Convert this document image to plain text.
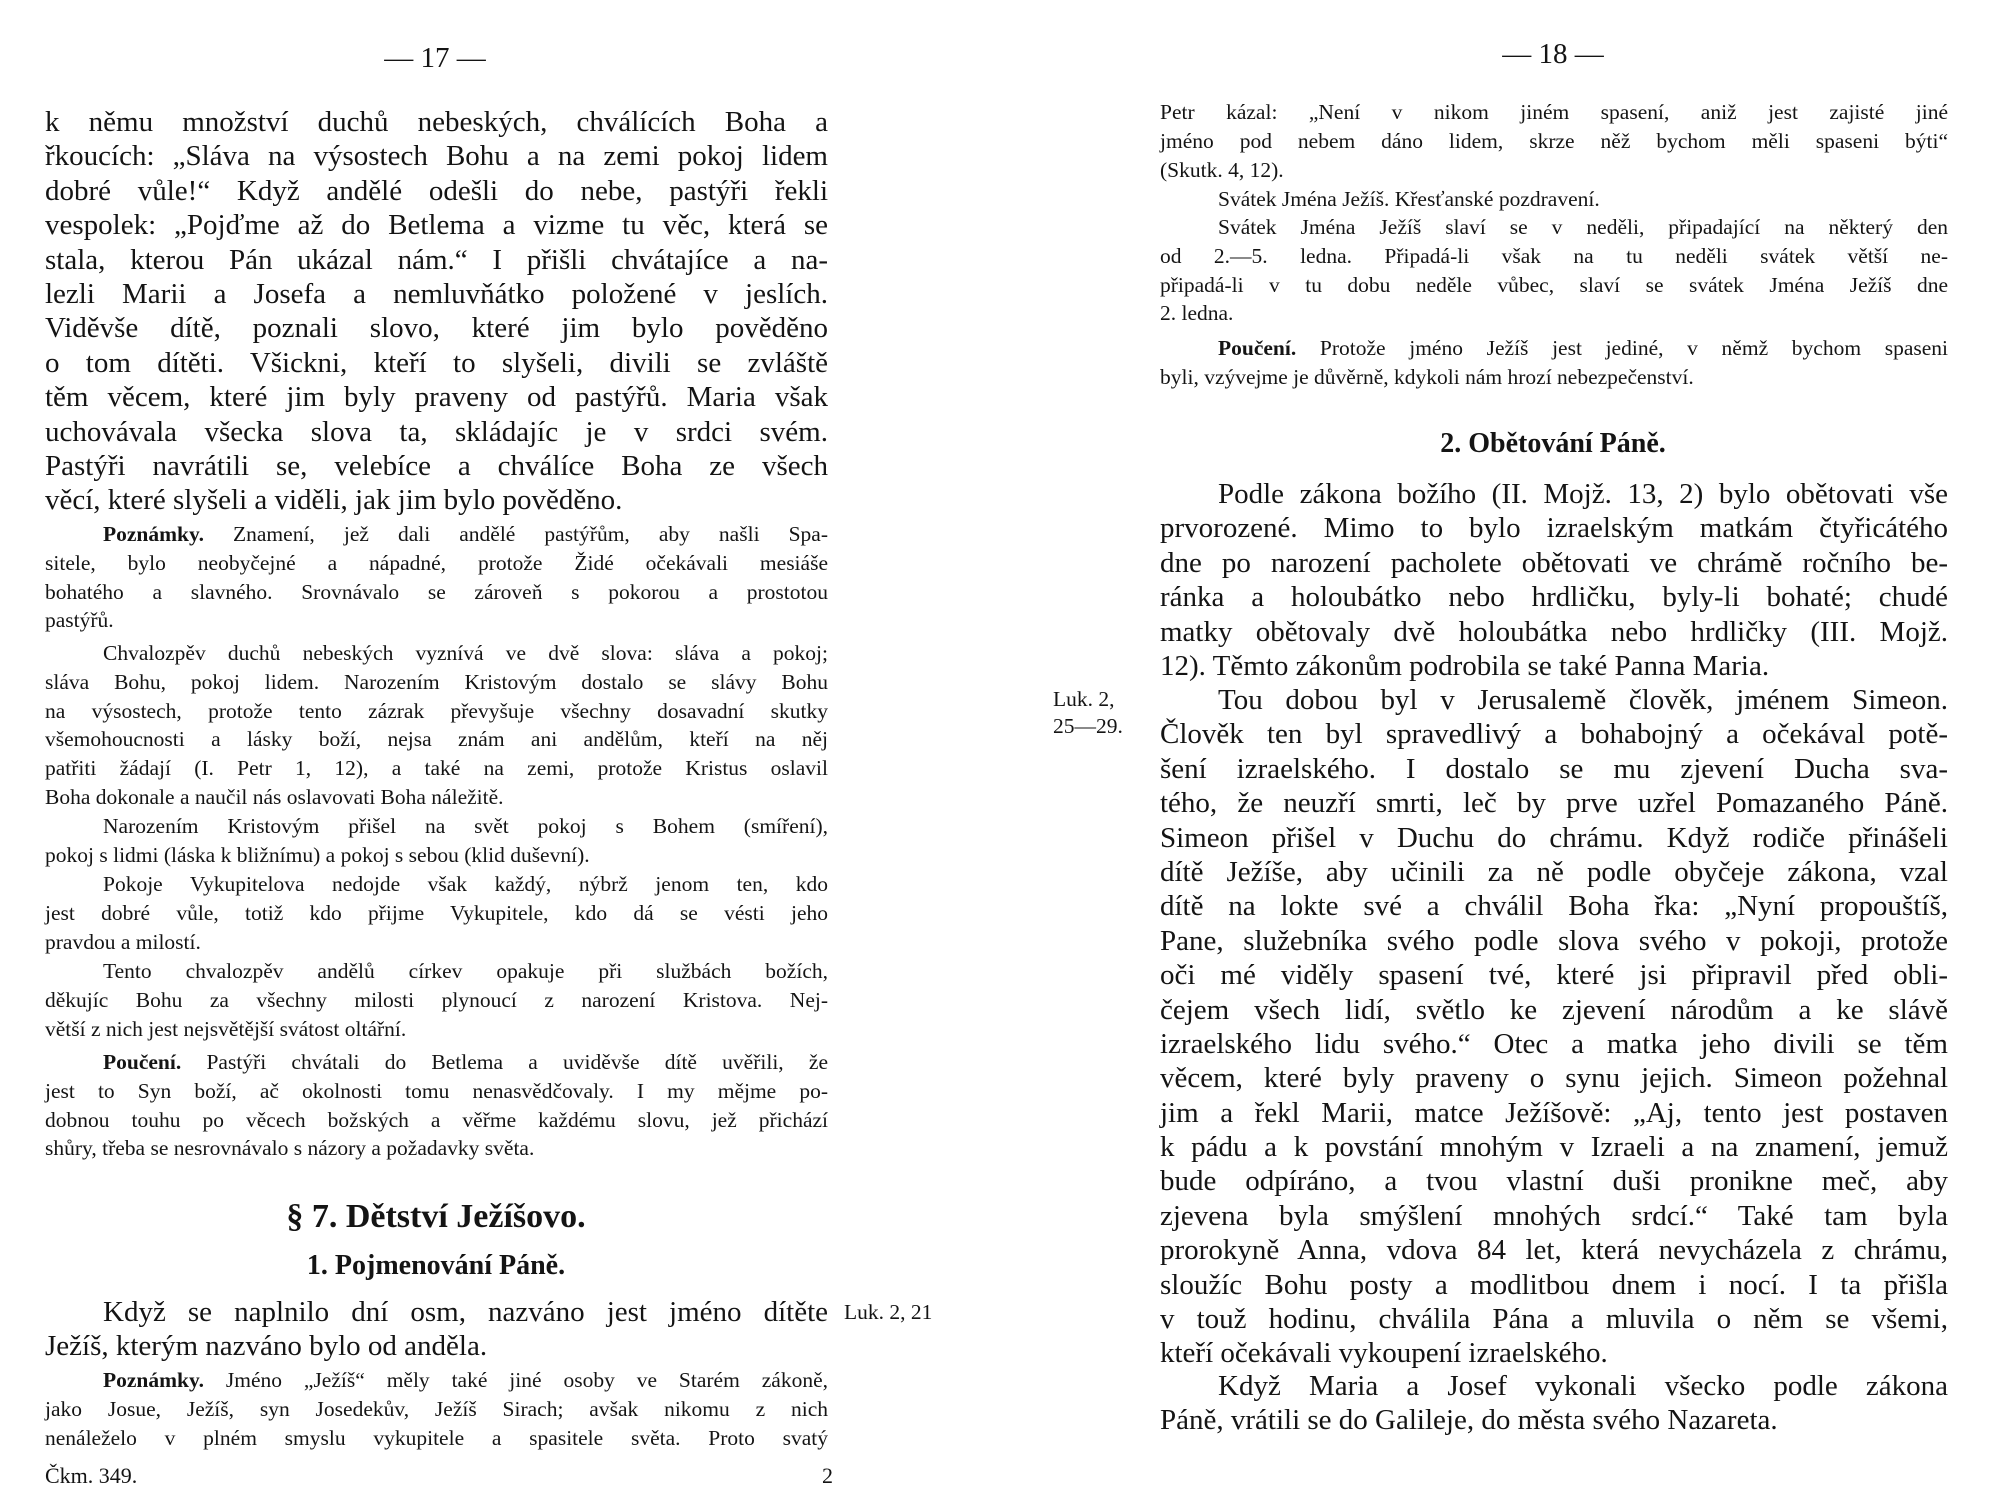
— 17 —	— 18 —
k němu množství duchů nebeských, chválících Boha a
řkoucích: „Sláva na výsostech Bohu a na zemi pokoj lidem
dobré vůle!“ Když andělé odešli do nebe, pastýři řekli
vespolek: „Pojďme až do Betlema a vizme tu věc, která se
stala, kterou Pán ukázal nám.“ I přišli chvátajíce a na-
lezli Marii a Josefa a nemluvňátko položené v jeslích.
Viděvše dítě, poznali slovo, které jim bylo pověděno
o tom dítěti. Všickni, kteří to slyšeli, divili se zvláště
těm věcem, které jim byly praveny od pastýřů. Maria však
uchovávala všecka slova ta, skládajíc je v srdci svém.
Pastýři navrátili se, velebíce a chválíce Boha ze všech
věcí, které slyšeli a viděli, jak jim bylo pověděno.
Poznámky. Znamení, jež dali andělé pastýřům, aby našli Spa-
sitele, bylo neobyčejné a nápadné, protože Židé očekávali mesiáše
bohatého a slavného. Srovnávalo se zároveň s pokorou a prostotou
pastýřů.
Chvalozpěv duchů nebeských vyznívá ve dvě slova: sláva a pokoj;
sláva Bohu, pokoj lidem. Narozením Kristovým dostalo se slávy Bohu
na výsostech, protože tento zázrak převyšuje všechny dosavadní skutky
všemohoucnosti a lásky boží, nejsa znám ani andělům, kteří na něj
patřiti žádají (I. Petr 1, 12), a také na zemi, protože Kristus oslavil
Boha dokonale a naučil nás oslavovati Boha náležitě.
Narozením Kristovým přišel na svět pokoj s Bohem (smíření),
pokoj s lidmi (láska k bližnímu) a pokoj s sebou (klid duševní).
Pokoje Vykupitelova nedojde však každý, nýbrž jenom ten, kdo
jest dobré vůle, totiž kdo přijme Vykupitele, kdo dá se vésti jeho
pravdou a milostí.
Tento chvalozpěv andělů církev opakuje při službách božích,
děkujíc Bohu za všechny milosti plynoucí z narození Kristova. Nej-
větší z nich jest nejsvětější svátost oltářní.
Poučení. Pastýři chvátali do Betlema a uviděvše dítě uvěřili, že
jest to Syn boží, ač okolnosti tomu nenasvědčovaly. I my mějme po-
dobnou touhu po věcech božských a věřme každému slovu, jež přichází
shůry, třeba se nesrovnávalo s názory a požadavky světa.
§ 7. Dětství Ježíšovo.
1. Pojmenování Páně.
Když se naplnilo dní osm, nazváno jest jméno dítěte
Ježíš, kterým nazváno bylo od anděla.
Luk. 2, 21
Poznámky. Jméno „Ježíš“ měly také jiné osoby ve Starém zákoně,
jako Josue, Ježíš, syn Josedekův, Ježíš Sirach; avšak nikomu z nich
nenáleželo v plném smyslu vykupitele a spasitele světa. Proto svatý
Čkm. 349.	2
Petr kázal: „Není v nikom jiném spasení, aniž jest zajisté jiné
jméno pod nebem dáno lidem, skrze něž bychom měli spaseni býti“
(Skutk. 4, 12).
Svátek Jména Ježíš. Křesťanské pozdravení.
Svátek Jména Ježíš slaví se v neděli, připadající na některý den
od 2.—5. ledna. Připadá-li však na tu neděli svátek větší ne-
připadá-li v tu dobu neděle vůbec, slaví se svátek Jména Ježíš dne
2. ledna.
Poučení. Protože jméno Ježíš jest jediné, v němž bychom spaseni
byli, vzývejme je důvěrně, kdykoli nám hrozí nebezpečenství.
2. Obětování Páně.
Podle zákona božího (II. Mojž. 13, 2) bylo obětovati vše
prvorozené. Mimo to bylo izraelským matkám čtyřicátého
dne po narození pacholete obětovati ve chrámě ročního be-
ránka a holoubátko nebo hrdličku, byly-li bohaté; chudé
matky obětovaly dvě holoubátka nebo hrdličky (III. Mojž.
12). Těmto zákonům podrobila se také Panna Maria.
Tou dobou byl v Jerusalemě člověk, jménem Simeon.
Člověk ten byl spravedlivý a bohabojný a očekával potě-
šení izraelského. I dostalo se mu zjevení Ducha sva-
tého, že neuzří smrti, leč by prve uzřel Pomazaného Páně.
Simeon přišel v Duchu do chrámu. Když rodiče přinášeli
dítě Ježíše, aby učinili za ně podle obyčeje zákona, vzal
dítě na lokte své a chválil Boha řka: „Nyní propouštíš,
Pane, služebníka svého podle slova svého v pokoji, protože
oči mé viděly spasení tvé, které jsi připravil před obli-
čejem všech lidí, světlo ke zjevení národům a ke slávě
izraelského lidu svého.“ Otec a matka jeho divili se těm
věcem, které byly praveny o synu jejich. Simeon požehnal
jim a řekl Marii, matce Ježíšově: „Aj, tento jest postaven
k pádu a k povstání mnohým v Izraeli a na znamení, jemuž
bude odpíráno, a tvou vlastní duši pronikne meč, aby
zjevena byla smýšlení mnohých srdcí.“ Také tam byla
prorokyně Anna, vdova 84 let, která nevycházela z chrámu,
sloužíc Bohu posty a modlitbou dnem i nocí. I ta přišla
v touž hodinu, chválila Pána a mluvila o něm se všemi,
kteří očekávali vykoupení izraelského.
Když Maria a Josef vykonali všecko podle zákona
Páně, vrátili se do Galileje, do města svého Nazareta.
Luk. 2,
25—29.
